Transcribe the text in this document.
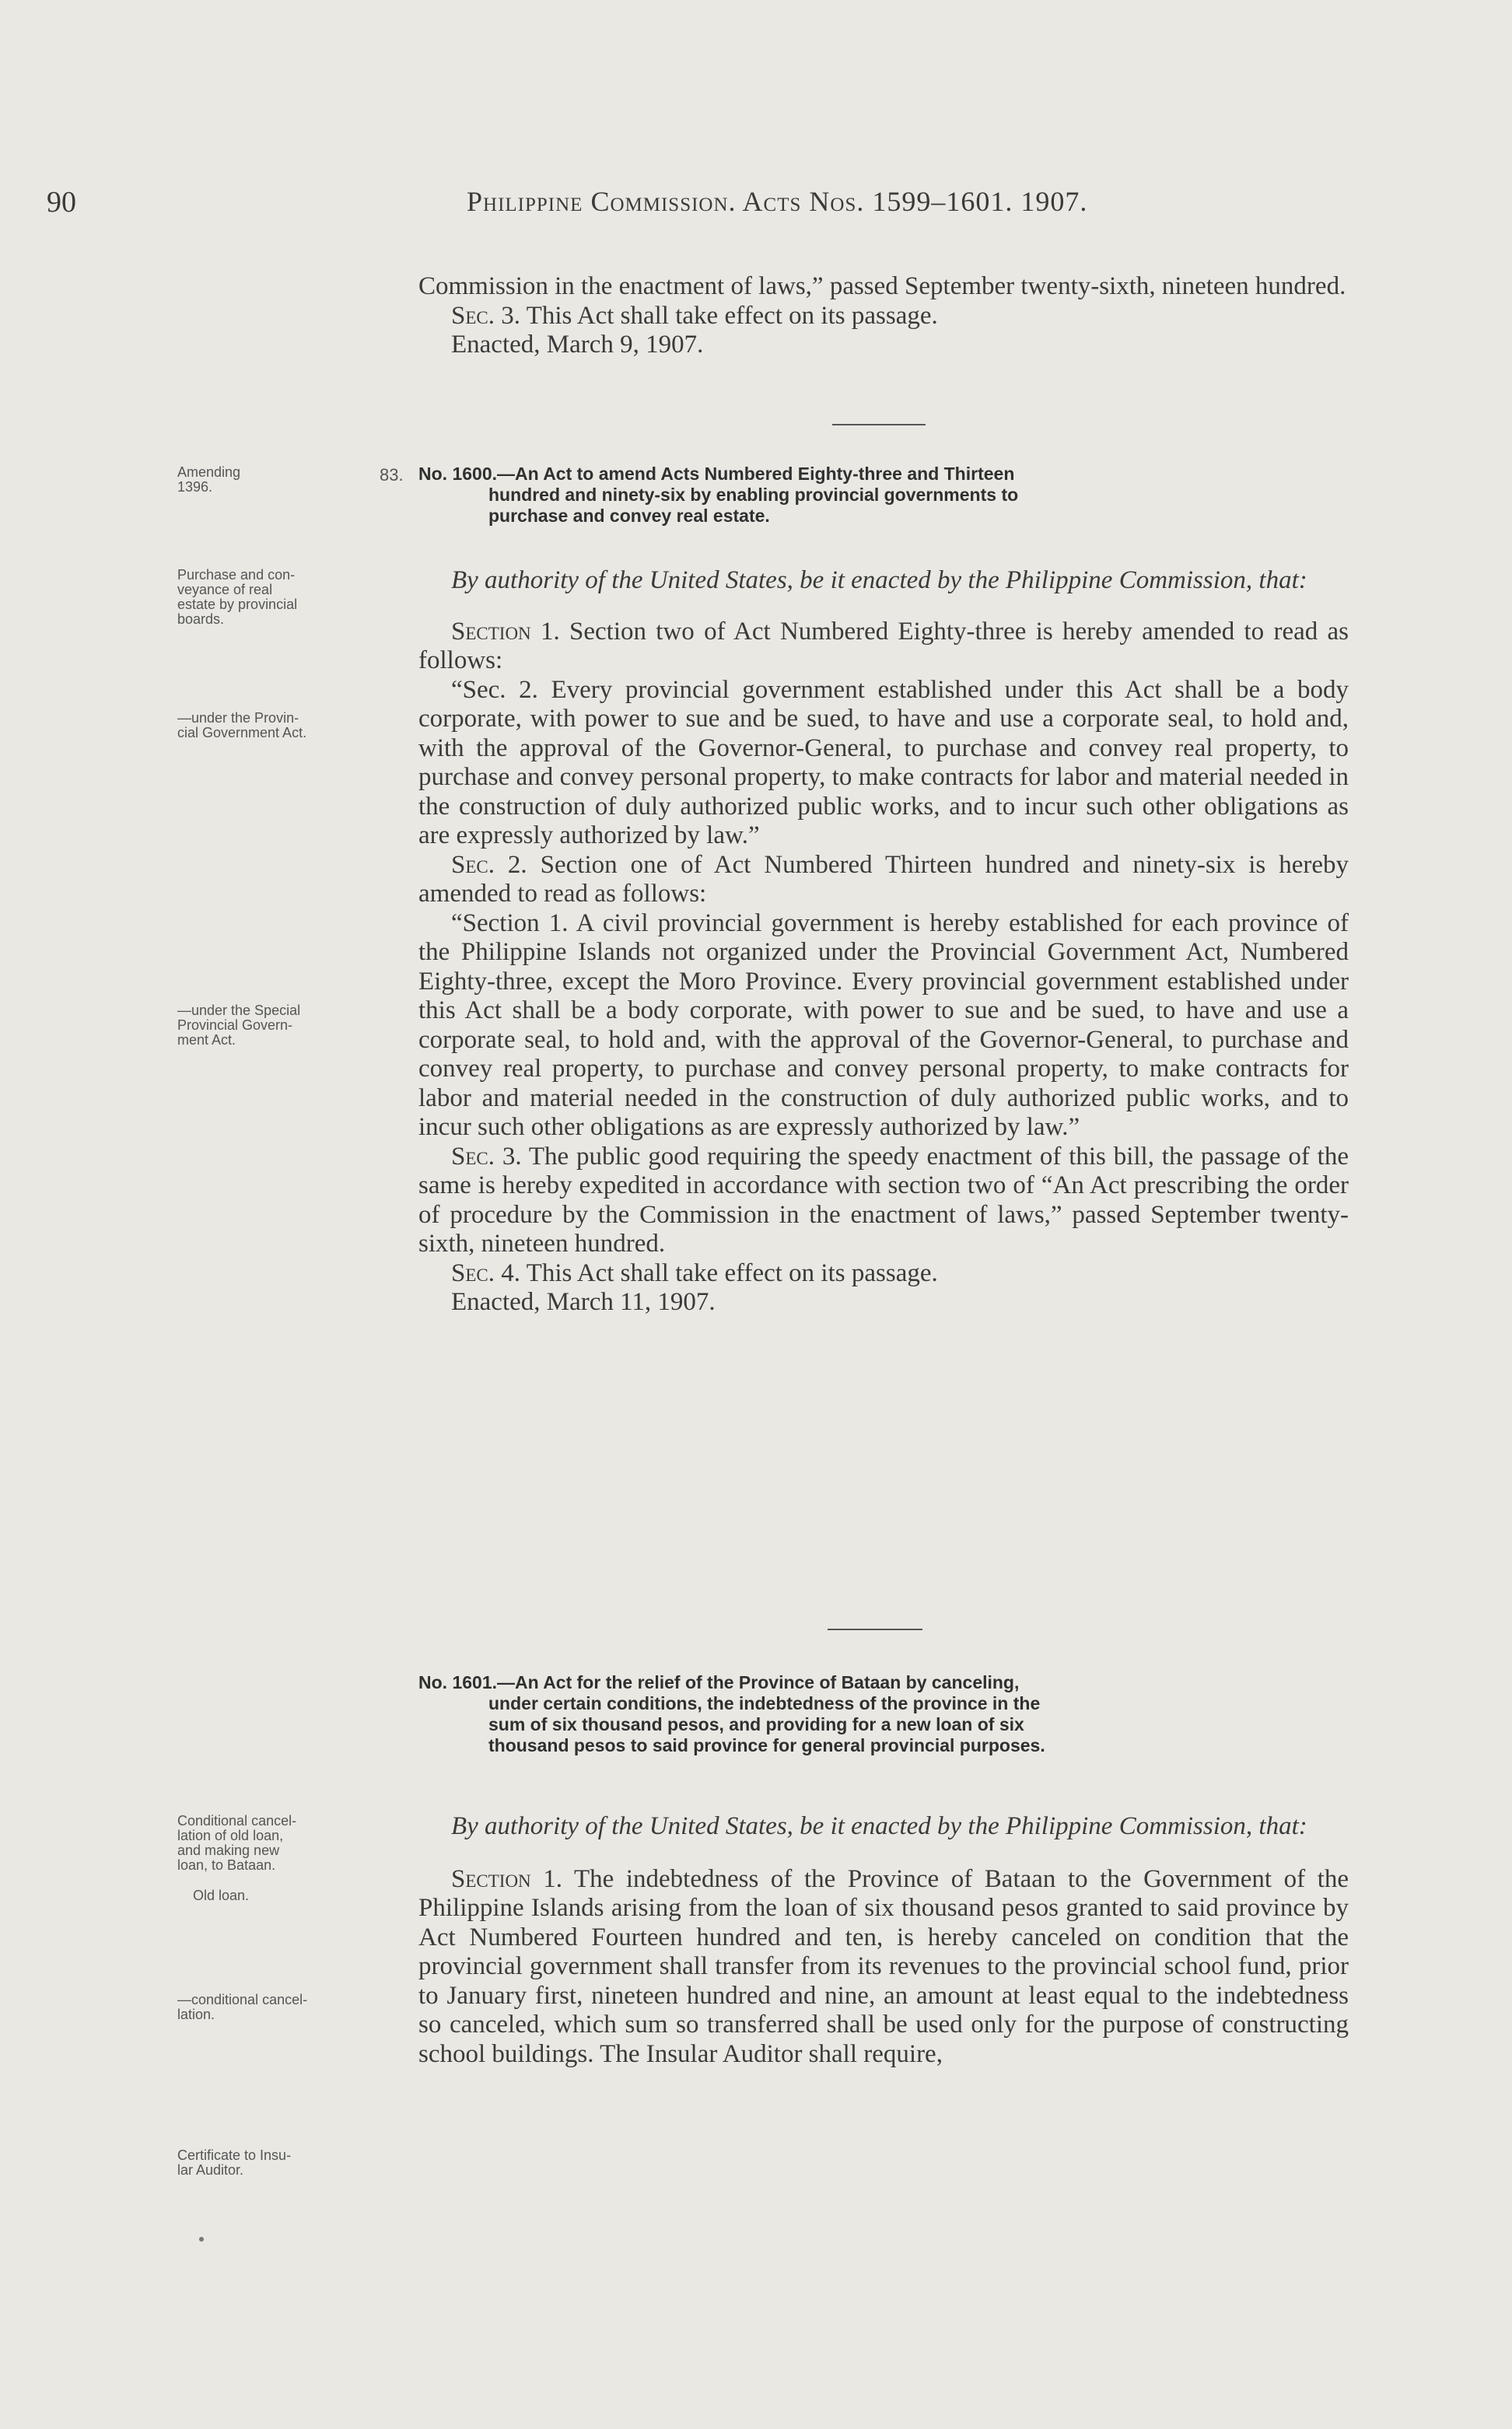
90	Philippine Commission. Acts Nos. 1599–1601. 1907.

Commission in the enactment of laws,” passed September twenty-sixth, nineteen hundred.

Sec. 3. This Act shall take effect on its passage.

Enacted, March 9, 1907.

83. No. 1600.—An Act to amend Acts Numbered Eighty-three and Thirteen
hundred and ninety-six by enabling provincial governments to
purchase and convey real estate.

By authority of the United States, be it enacted by the Philippine Commission, that:

Section 1. Section two of Act Numbered Eighty-three is hereby amended to read as follows:

“Sec. 2. Every provincial government established under this Act shall be a body corporate, with power to sue and be sued, to have and use a corporate seal, to hold and, with the approval of the Governor-General, to purchase and convey real property, to purchase and convey personal property, to make contracts for labor and material needed in the construction of duly authorized public works, and to incur such other obligations as are expressly authorized by law.”

Sec. 2. Section one of Act Numbered Thirteen hundred and ninety-six is hereby amended to read as follows:

“Section 1. A civil provincial government is hereby established for each province of the Philippine Islands not organized under the Provincial Government Act, Numbered Eighty-three, except the Moro Province. Every provincial government established under this Act shall be a body corporate, with power to sue and be sued, to have and use a corporate seal, to hold and, with the approval of the Governor-General, to purchase and convey real property, to purchase and convey personal property, to make contracts for labor and material needed in the construction of duly authorized public works, and to incur such other obligations as are expressly authorized by law.”

Sec. 3. The public good requiring the speedy enactment of this bill, the passage of the same is hereby expedited in accordance with section two of “An Act prescribing the order of procedure by the Commission in the enactment of laws,” passed September twenty-sixth, nineteen hundred.

Sec. 4. This Act shall take effect on its passage.

Enacted, March 11, 1907.

No. 1601.—An Act for the relief of the Province of Bataan by canceling,
under certain conditions, the indebtedness of the province in the
sum of six thousand pesos, and providing for a new loan of six
thousand pesos to said province for general provincial purposes.

By authority of the United States, be it enacted by the Philippine Commission, that:

Section 1. The indebtedness of the Province of Bataan to the Government of the Philippine Islands arising from the loan of six thousand pesos granted to said province by Act Numbered Fourteen hundred and ten, is hereby canceled on condition that the provincial government shall transfer from its revenues to the provincial school fund, prior to January first, nineteen hundred and nine, an amount at least equal to the indebtedness so canceled, which sum so transferred shall be used only for the purpose of constructing school buildings. The Insular Auditor shall require,

Amending
1396.
Purchase and con-
veyance of real
estate by provincial
boards.
—under the Provin-
cial Government Act.
—under the Special
Provincial Govern-
ment Act.
Conditional cancel-
lation of old loan,
and making new
loan, to Bataan.
Old loan.
—conditional cancel-
lation.
Certificate to Insu-
lar Auditor.
